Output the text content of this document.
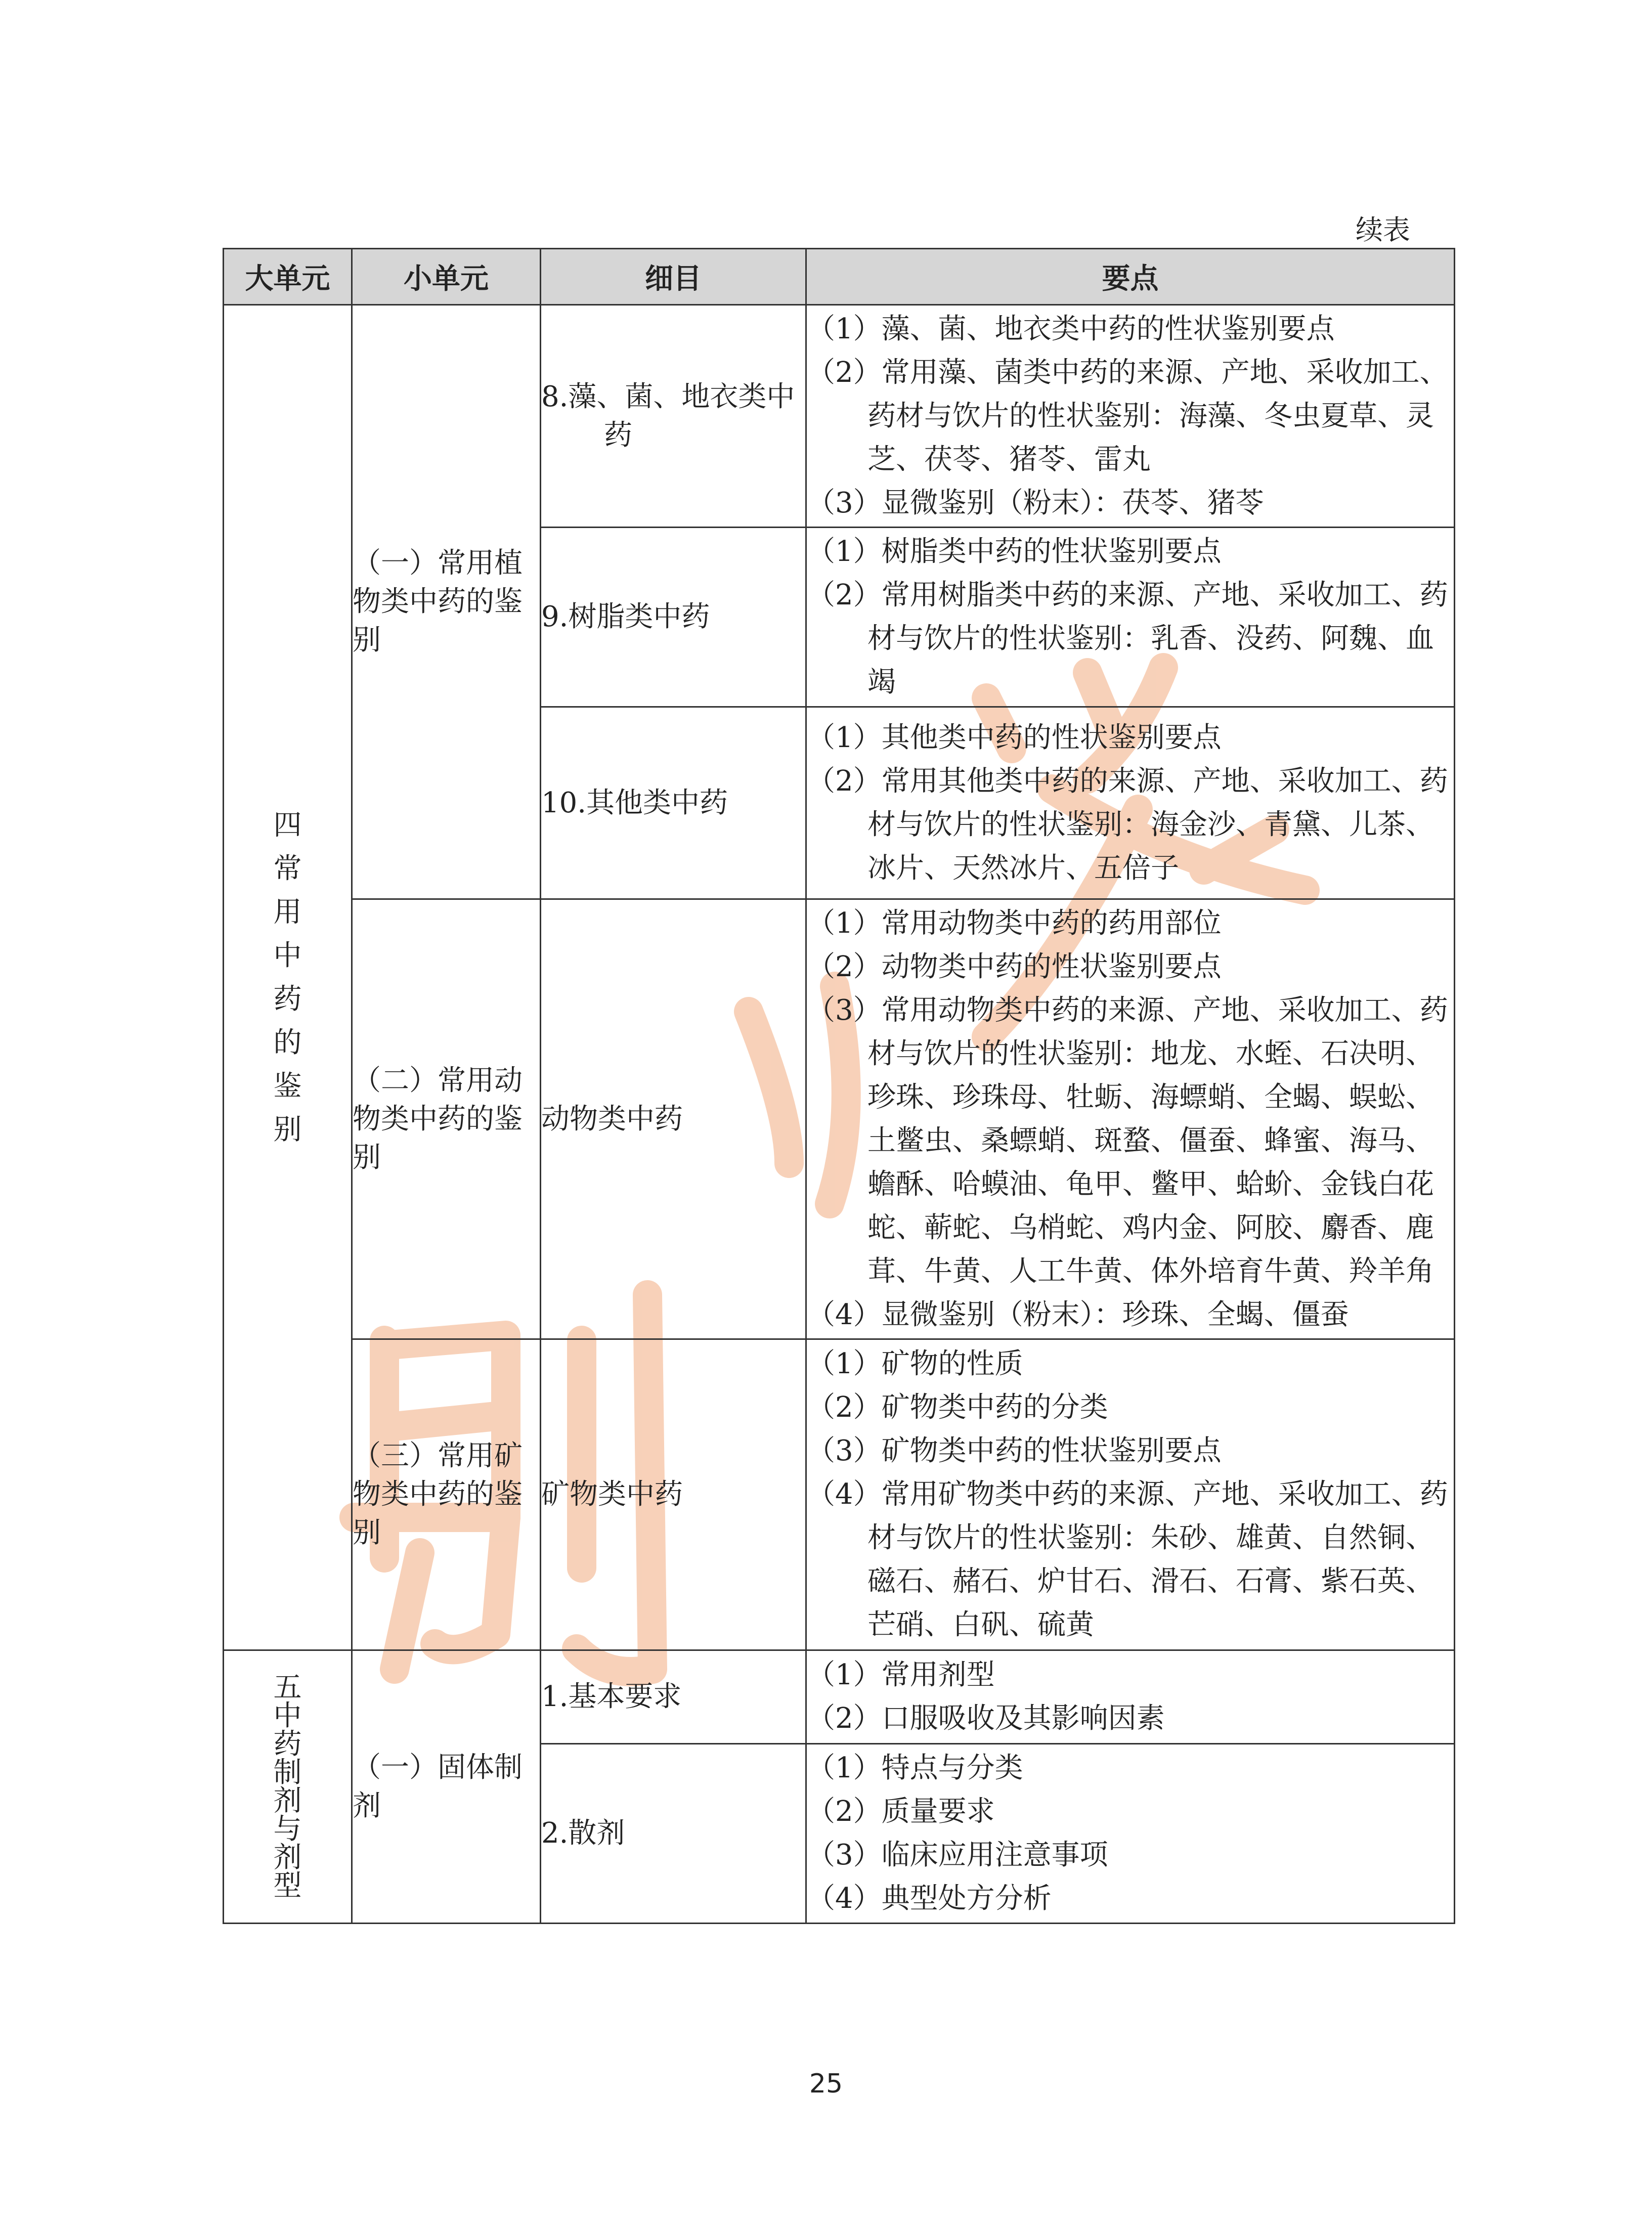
续表
大单元	小单元	细目	要点
四常用中药的鉴别	（一）常用植物类中药的鉴别	8.藻、菌、地衣类中药	（1）藻、菌、地衣类中药的性状鉴别要点
（2）常用藻、菌类中药的来源、产地、采收加工、药材与饮片的性状鉴别：海藻、冬虫夏草、灵芝、茯苓、猪苓、雷丸
（3）显微鉴别（粉末）：茯苓、猪苓

		9.树脂类中药	（1）树脂类中药的性状鉴别要点
（2）常用树脂类中药的来源、产地、采收加工、药材与饮片的性状鉴别：乳香、没药、阿魏、血竭

		10.其他类中药	（1）其他类中药的性状鉴别要点
（2）常用其他类中药的来源、产地、采收加工、药材与饮片的性状鉴别：海金沙、青黛、儿茶、冰片、天然冰片、五倍子

	（二）常用动物类中药的鉴别	动物类中药	（1）常用动物类中药的药用部位
（2）动物类中药的性状鉴别要点
（3）常用动物类中药的来源、产地、采收加工、药材与饮片的性状鉴别：地龙、水蛭、石决明、珍珠、珍珠母、牡蛎、海螵蛸、全蝎、蜈蚣、土鳖虫、桑螵蛸、斑蝥、僵蚕、蜂蜜、海马、蟾酥、哈蟆油、龟甲、鳖甲、蛤蚧、金钱白花蛇、蕲蛇、乌梢蛇、鸡内金、阿胶、麝香、鹿茸、牛黄、人工牛黄、体外培育牛黄、羚羊角
（4）显微鉴别（粉末）：珍珠、全蝎、僵蚕

	（三）常用矿物类中药的鉴别	矿物类中药	（1）矿物的性质
（2）矿物类中药的分类
（3）矿物类中药的性状鉴别要点
（4）常用矿物类中药的来源、产地、采收加工、药材与饮片的性状鉴别：朱砂、雄黄、自然铜、磁石、赭石、炉甘石、滑石、石膏、紫石英、芒硝、白矾、硫黄

五中药制剂与剂型	（一）固体制剂	1.基本要求	（1）常用剂型
（2）口服吸收及其影响因素

		2.散剂	（1）特点与分类
（2）质量要求
（3）临床应用注意事项
（4）典型处方分析
25
